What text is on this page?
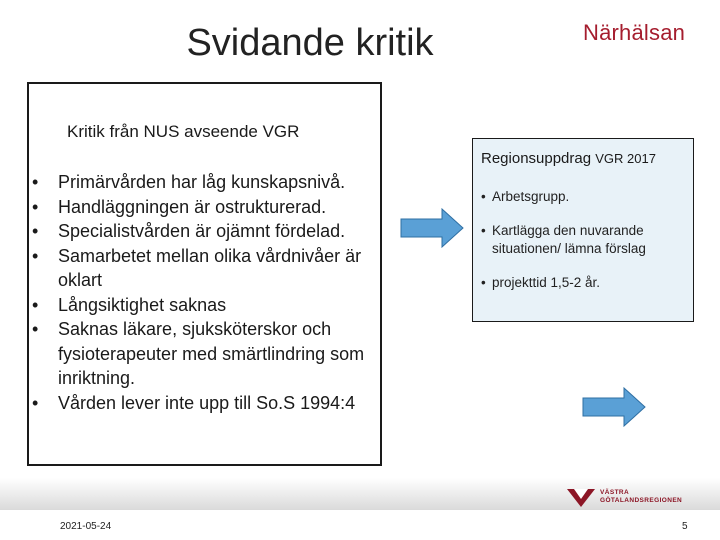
Svidande kritik	Närhälsan
Kritik från NUS avseende VGR
• Primärvården har låg kunskapsnivå.
• Handläggningen är ostrukturerad.
• Specialistvården är ojämnt fördelad.
• Samarbetet mellan olika vårdnivåer är oklart
• Långsiktighet saknas
• Saknas läkare, sjuksköterskor och fysioterapeuter med smärtlindring som inriktning.
• Vården lever inte upp till So.S 1994:4
Regionsuppdrag VGR 2017
• Arbetsgrupp.
• Kartlägga den nuvarande situationen/ lämna förslag
• projekttid 1,5-2 år.
VÄSTRA
GÖTALANDSREGIONEN
2021-05-24	5
